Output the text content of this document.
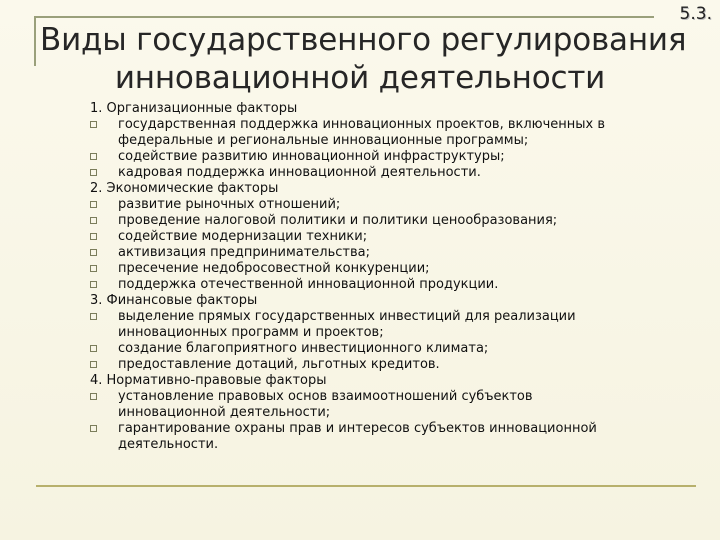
5.3.
Виды государственного регулирования
инновационной деятельности
1. Организационные факторы
государственная поддержка инновационных проектов, включенных в
федеральные и региональные инновационные программы;
содействие развитию инновационной инфраструктуры;
кадровая поддержка инновационной деятельности.
2. Экономические факторы
развитие рыночных отношений;
проведение налоговой политики и политики ценообразования;
содействие модернизации техники;
активизация предпринимательства;
пресечение недобросовестной конкуренции;
поддержка отечественной инновационной продукции.
3. Финансовые факторы
выделение прямых государственных инвестиций для реализации
инновационных программ и проектов;
создание благоприятного инвестиционного климата;
предоставление дотаций, льготных кредитов.
4. Нормативно-правовые факторы
установление правовых основ взаимоотношений субъектов
инновационной деятельности;
гарантирование охраны прав и интересов субъектов инновационной
деятельности.
